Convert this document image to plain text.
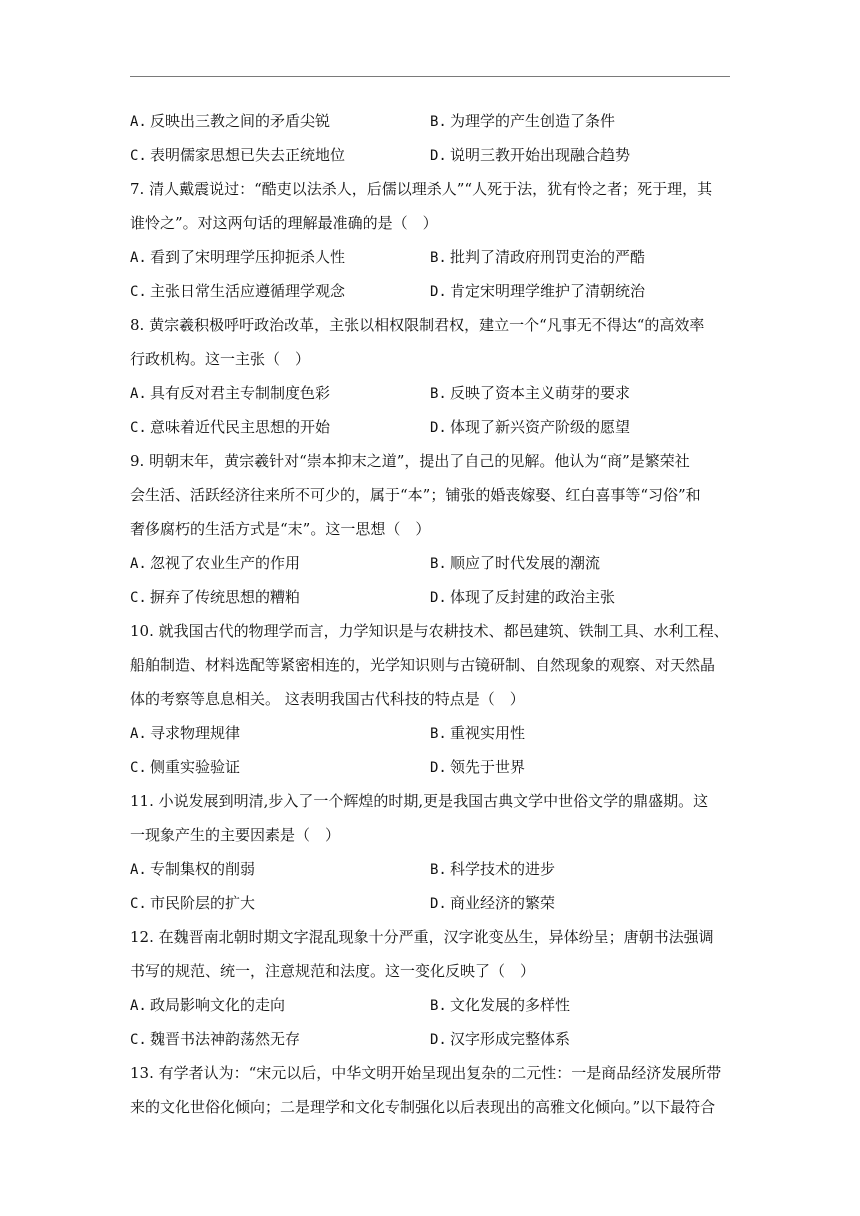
A. 反映出三教之间的矛盾尖锐	B. 为理学的产生创造了条件
C. 表明儒家思想已失去正统地位	D. 说明三教开始出现融合趋势

7. 清人戴震说过：“酷吏以法杀人，后儒以理杀人”“人死于法，犹有怜之者；死于理，其

谁怜之”。对这两句话的理解最准确的是（　）

A. 看到了宋明理学压抑扼杀人性	B. 批判了清政府刑罚吏治的严酷
C. 主张日常生活应遵循理学观念	D. 肯定宋明理学维护了清朝统治

8. 黄宗羲积极呼吁政治改革，主张以相权限制君权，建立一个“凡事无不得达“的高效率

行政机构。这一主张（　）

A. 具有反对君主专制制度色彩	B. 反映了资本主义萌芽的要求
C. 意味着近代民主思想的开始	D. 体现了新兴资产阶级的愿望

9. 明朝末年，黄宗羲针对“崇本抑末之道”，提出了自己的见解。他认为“商”是繁荣社

会生活、活跃经济往来所不可少的，属于“本”；铺张的婚丧嫁娶、红白喜事等“习俗”和

奢侈腐朽的生活方式是“末”。这一思想（　）

A. 忽视了农业生产的作用	B. 顺应了时代发展的潮流
C. 摒弃了传统思想的糟粕	D. 体现了反封建的政治主张

10. 就我国古代的物理学而言，力学知识是与农耕技术、都邑建筑、铁制工具、水利工程、

船舶制造、材料选配等紧密相连的，光学知识则与古镜研制、自然现象的观察、对天然晶

体的考察等息息相关。 这表明我国古代科技的特点是（　）

A. 寻求物理规律	B. 重视实用性
C. 侧重实验验证	D. 领先于世界

11. 小说发展到明清,步入了一个辉煌的时期,更是我国古典文学中世俗文学的鼎盛期。这

一现象产生的主要因素是（　）

A. 专制集权的削弱	B. 科学技术的进步
C. 市民阶层的扩大	D. 商业经济的繁荣

12. 在魏晋南北朝时期文字混乱现象十分严重，汉字讹变丛生，异体纷呈；唐朝书法强调

书写的规范、统一，注意规范和法度。这一变化反映了（　）

A. 政局影响文化的走向	B. 文化发展的多样性
C. 魏晋书法神韵荡然无存	D. 汉字形成完整体系

13. 有学者认为：“宋元以后，中华文明开始呈现出复杂的二元性：一是商品经济发展所带

来的文化世俗化倾向；二是理学和文化专制强化以后表现出的高雅文化倾向。”以下最符合
